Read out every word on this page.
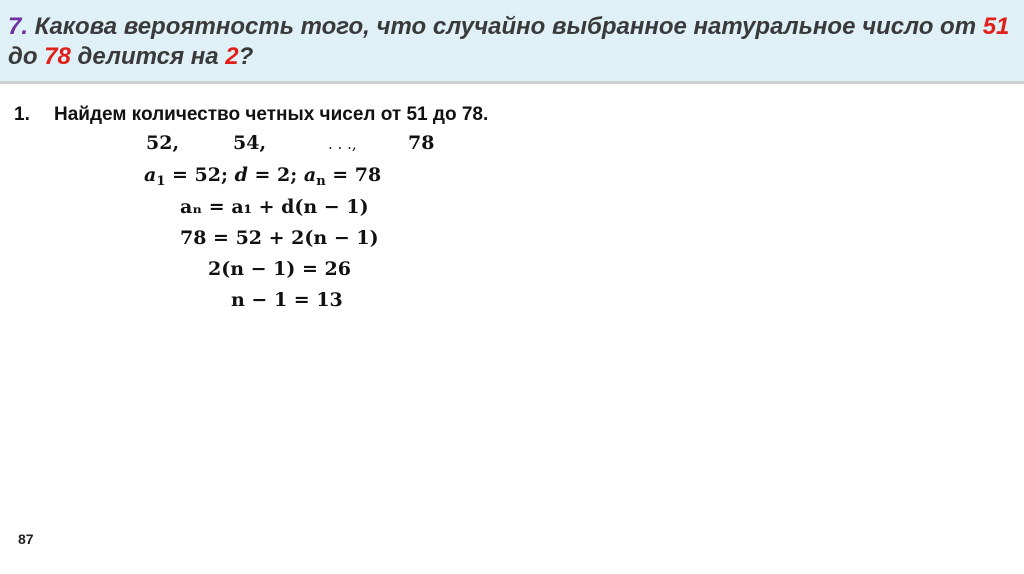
7. Какова вероятность того, что случайно выбранное натуральное число от 51 до 78 делится на 2?
1.	Найдем количество четных чисел от 51 до 78.
52,	54,	. . .,	78
$a_1 = 52$; d = 2; $a_n = 78$
aₙ = a₁ + d(n − 1)
78 = 52 + 2(n − 1)
2(n − 1) = 26
n − 1 = 13
87
